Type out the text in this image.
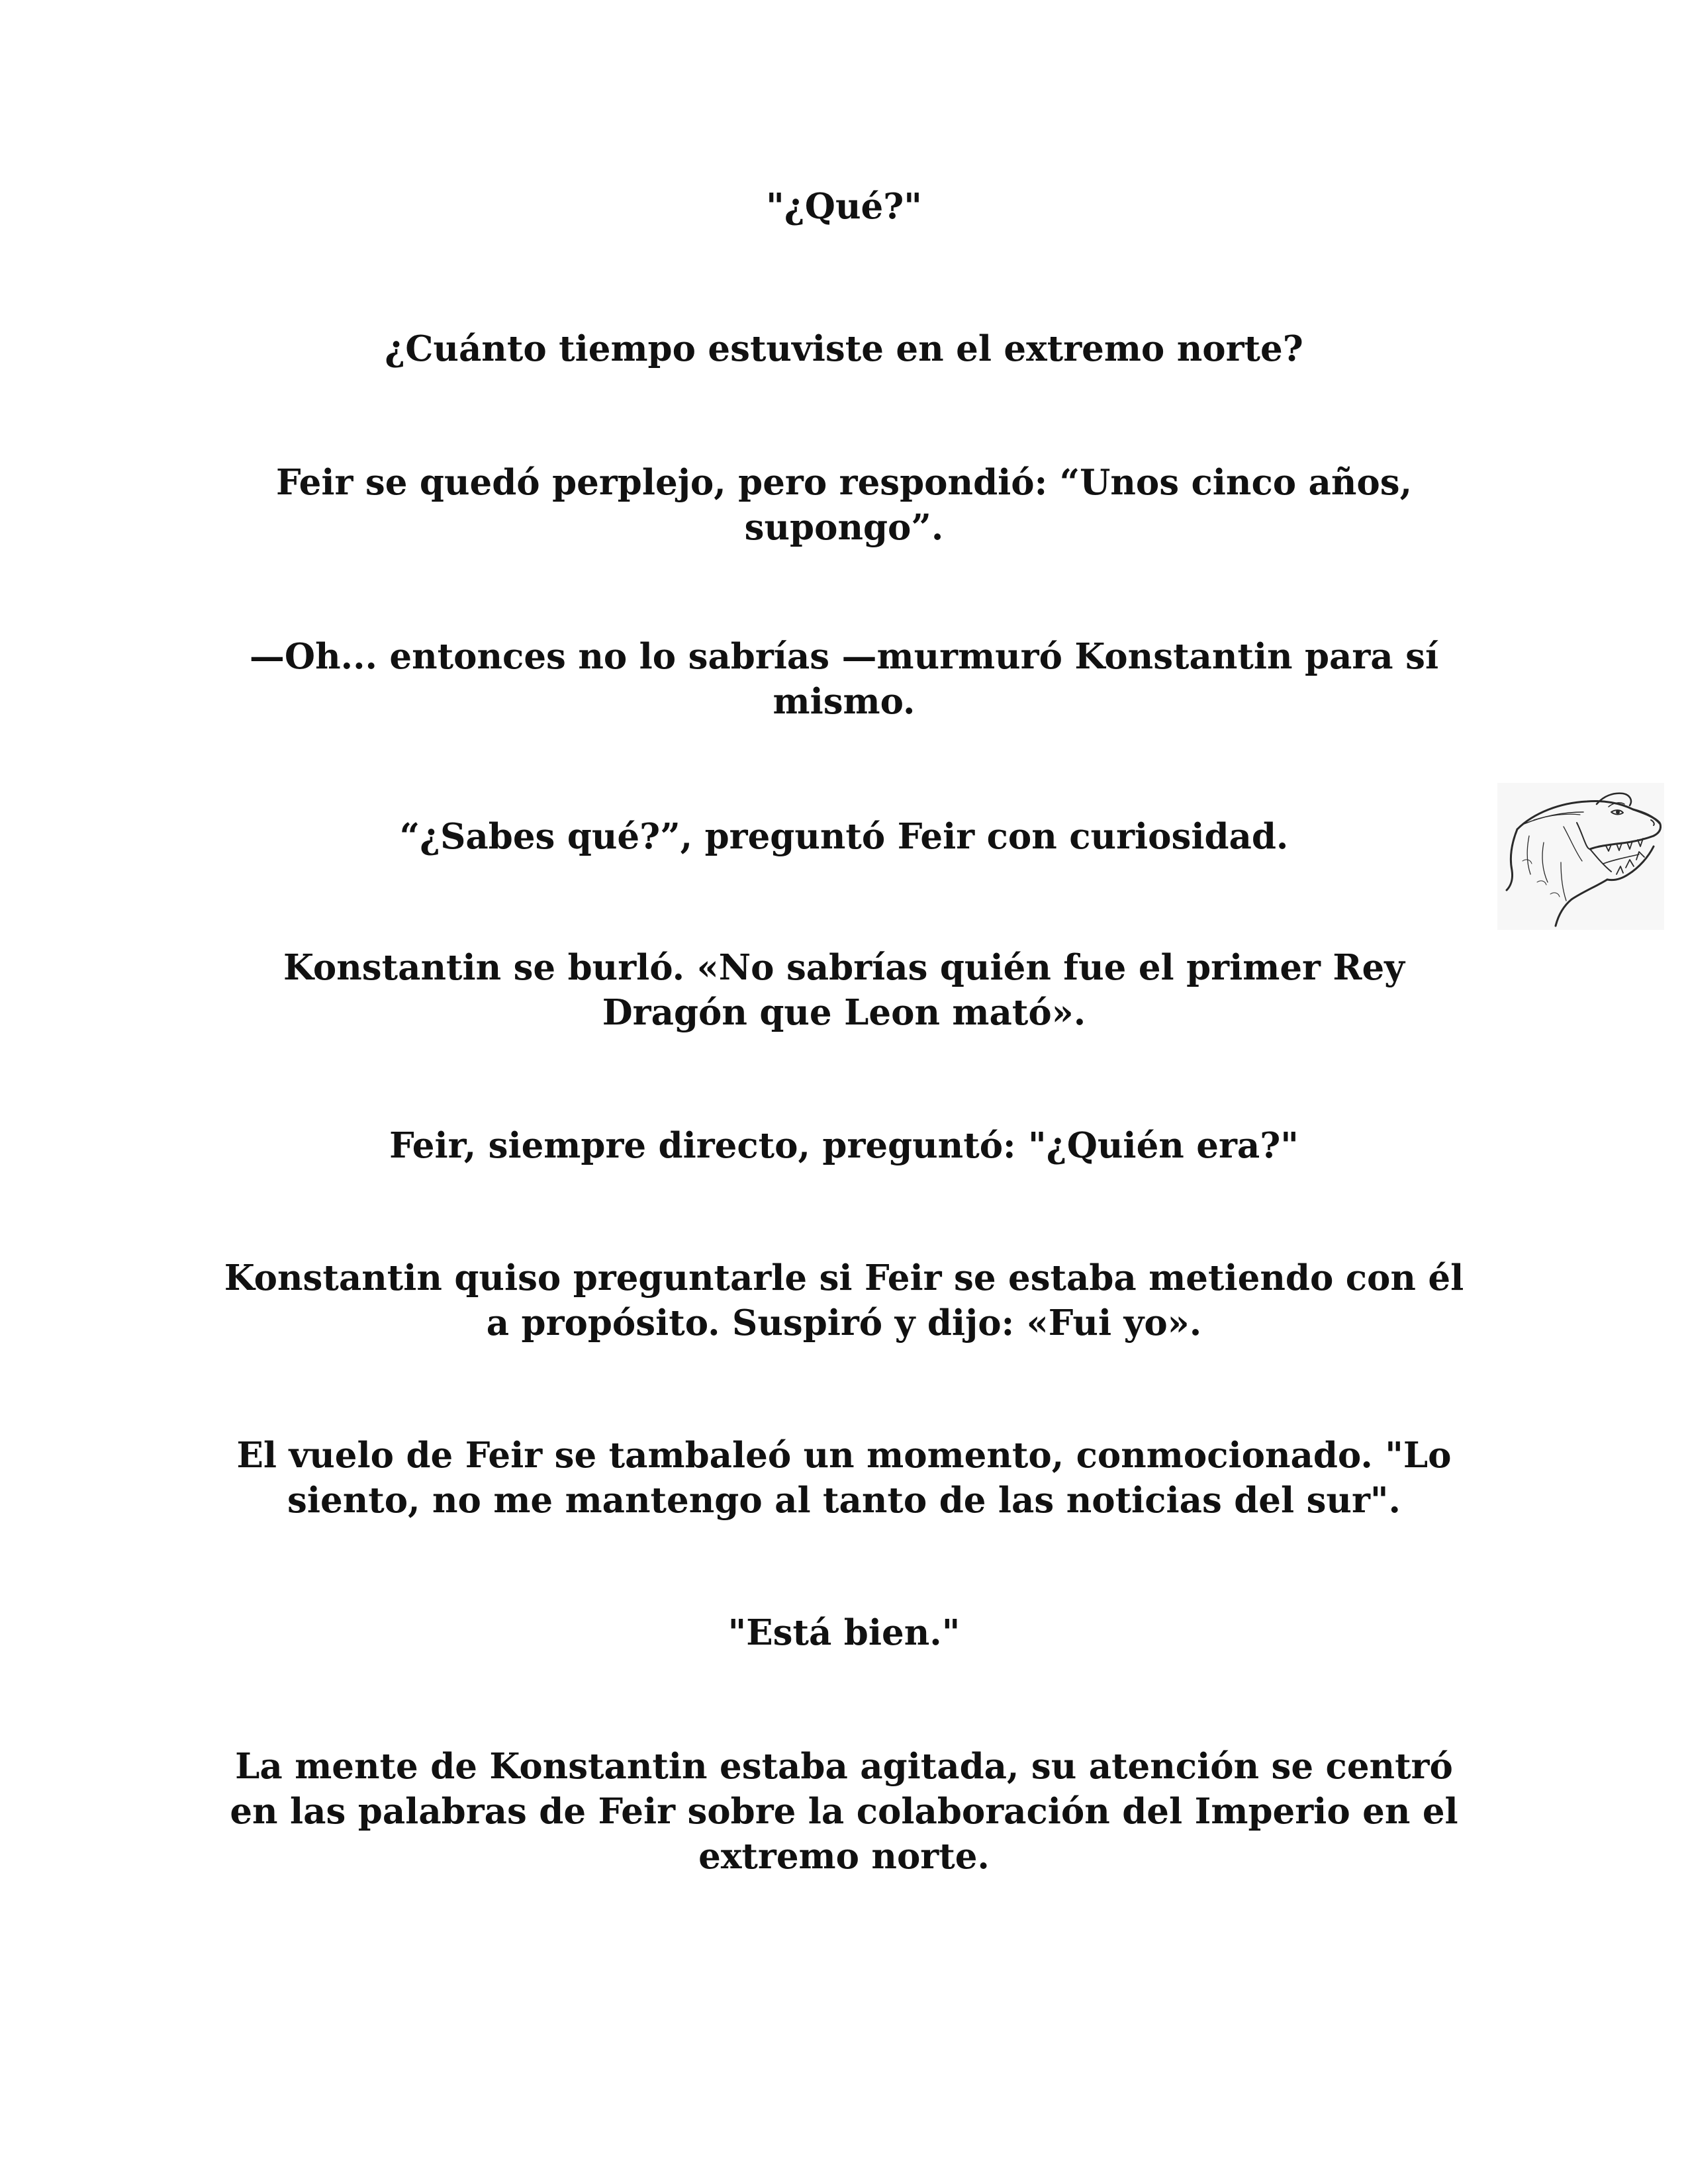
"¿Qué?"

¿Cuánto tiempo estuviste en el extremo norte?

Feir se quedó perplejo, pero respondió: “Unos cinco años,
supongo”.

—Oh... entonces no lo sabrías —murmuró Konstantin para sí
mismo.

“¿Sabes qué?”, preguntó Feir con curiosidad.

Konstantin se burló. «No sabrías quién fue el primer Rey
Dragón que Leon mató».

Feir, siempre directo, preguntó: "¿Quién era?"

Konstantin quiso preguntarle si Feir se estaba metiendo con él
a propósito. Suspiró y dijo: «Fui yo».

El vuelo de Feir se tambaleó un momento, conmocionado. "Lo
siento, no me mantengo al tanto de las noticias del sur".

"Está bien."

La mente de Konstantin estaba agitada, su atención se centró
en las palabras de Feir sobre la colaboración del Imperio en el
extremo norte.
